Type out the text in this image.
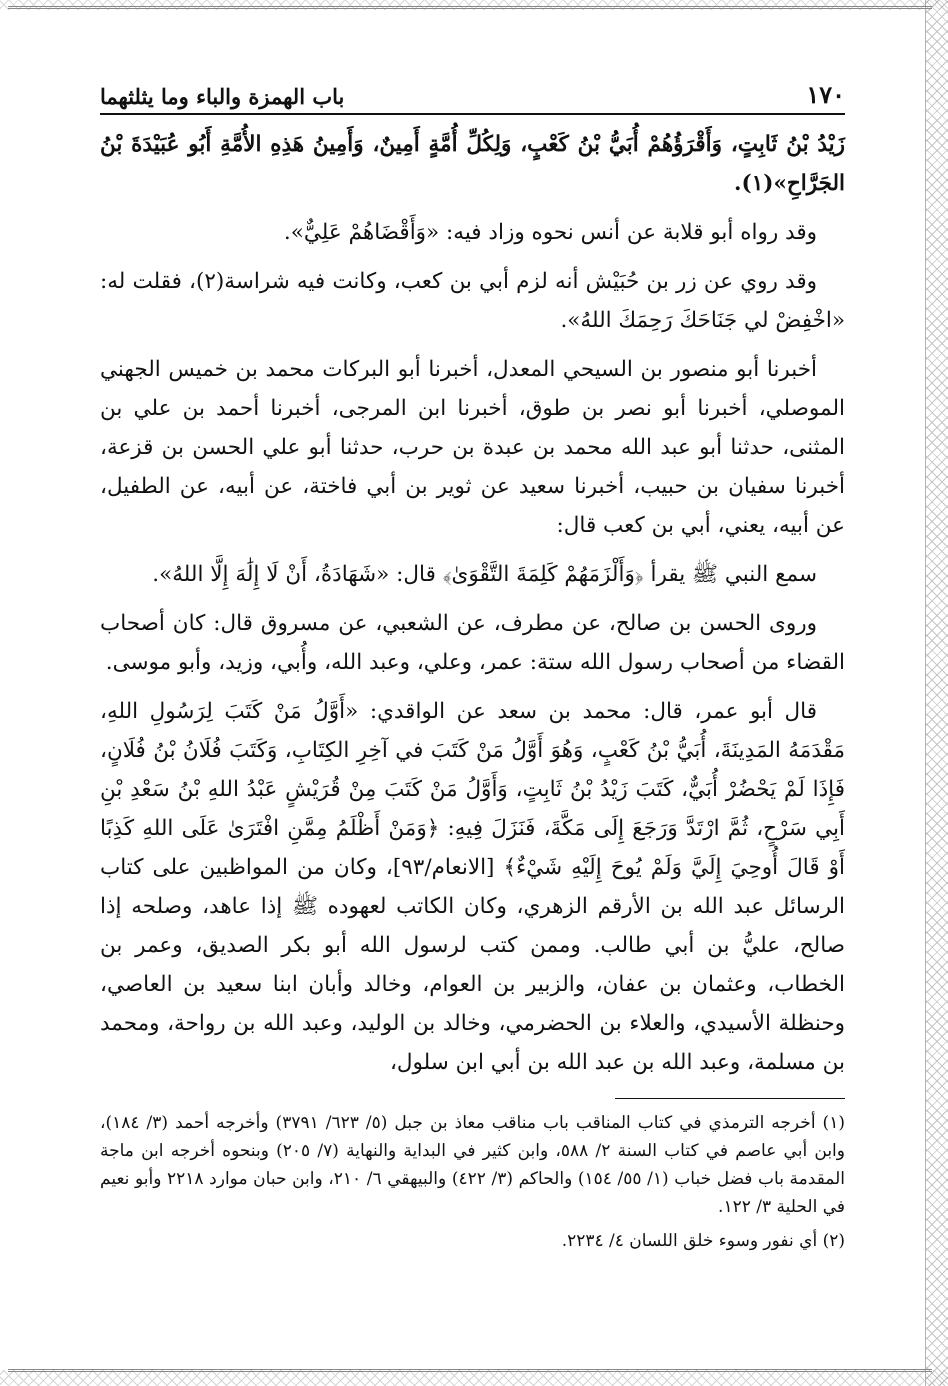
١٧٠
باب الهمزة والباء وما يثلثهما

زَيْدُ بْنُ ثَابِتٍ، وَأَقْرَؤُهُمْ أُبَيُّ بْنُ كَعْبٍ، وَلِكُلِّ أُمَّةٍ أَمِينٌ، وَأَمِينُ هَذِهِ الأُمَّةِ أَبُو عُبَيْدَةَ بْنُ الجَرَّاحِ»(١).

وقد رواه أبو قلابة عن أنس نحوه وزاد فيه: «وَأَقْضَاهُمْ عَلِيٌّ».

وقد روي عن زر بن حُبَيْش أنه لزم أبي بن كعب، وكانت فيه شراسة(٢)، فقلت له: «اخْفِضْ لي جَنَاحَكَ رَحِمَكَ اللهُ».

أخبرنا أبو منصور بن السيحي المعدل، أخبرنا أبو البركات محمد بن خميس الجهني الموصلي، أخبرنا أبو نصر بن طوق، أخبرنا ابن المرجى، أخبرنا أحمد بن علي بن المثنى، حدثنا أبو عبد الله محمد بن عبدة بن حرب، حدثنا أبو علي الحسن بن قزعة، أخبرنا سفيان بن حبيب، أخبرنا سعيد عن ثوير بن أبي فاختة، عن أبيه، عن الطفيل، عن أبيه، يعني، أبي بن كعب قال:

سمع النبي ﷺ يقرأ ﴿وَأَلْزَمَهُمْ كَلِمَةَ التَّقْوَىٰ﴾ قال: «شَهَادَةُ، أَنْ لَا إِلَٰهَ إِلَّا اللهُ».

وروى الحسن بن صالح، عن مطرف، عن الشعبي، عن مسروق قال: كان أصحاب القضاء من أصحاب رسول الله ستة: عمر، وعلي، وعبد الله، وأُبي، وزيد، وأبو موسى.

قال أبو عمر، قال: محمد بن سعد عن الواقدي: «أَوَّلُ مَنْ كَتَبَ لِرَسُولِ اللهِ، مَقْدَمَهُ المَدِينَةَ، أُبَيُّ بْنُ كَعْبٍ، وَهُوَ أَوَّلُ مَنْ كَتَبَ في آخِرِ الكِتَابِ، وَكَتَبَ فُلَانُ بْنُ فُلَانٍ، فَإِذَا لَمْ يَحْضُرْ أُبَيٌّ، كَتَبَ زَيْدُ بْنُ ثَابِتٍ، وَأَوَّلُ مَنْ كَتَبَ مِنْ قُرَيْشٍ عَبْدُ اللهِ بْنُ سَعْدِ بْنِ أَبِي سَرْحٍ، ثُمَّ ارْتَدَّ وَرَجَعَ إِلَى مَكَّةَ، فَنَزَلَ فِيهِ: ﴿وَمَنْ أَظْلَمُ مِمَّنِ افْتَرَىٰ عَلَى اللهِ كَذِبًا أَوْ قَالَ أُوحِيَ إِلَيَّ وَلَمْ يُوحَ إِلَيْهِ شَيْءٌ﴾ [الانعام/٩٣]، وكان من المواظبين على كتاب الرسائل عبد الله بن الأرقم الزهري، وكان الكاتب لعهوده ﷺ إذا عاهد، وصلحه إذا صالح، عليُّ بن أبي طالب. وممن كتب لرسول الله أبو بكر الصديق، وعمر بن الخطاب، وعثمان بن عفان، والزبير بن العوام، وخالد وأبان ابنا سعيد بن العاصي، وحنظلة الأسيدي، والعلاء بن الحضرمي، وخالد بن الوليد، وعبد الله بن رواحة، ومحمد بن مسلمة، وعبد الله بن عبد الله بن أبي ابن سلول،

(١) أخرجه الترمذي في كتاب المناقب باب مناقب معاذ بن جبل (٥/ ٦٢٣/ ٣٧٩١) وأخرجه أحمد (٣/ ١٨٤)، وابن أبي عاصم في كتاب السنة ٢/ ٥٨٨، وابن كثير في البداية والنهاية (٧/ ٢٠٥) وبنحوه أخرجه ابن ماجة المقدمة باب فضل خباب (١/ ٥٥/ ١٥٤) والحاكم (٣/ ٤٢٢) والبيهقي ٦/ ٢١٠، وابن حبان موارد ٢٢١٨ وأبو نعيم في الحلية ٣/ ١٢٢.

(٢) أي نفور وسوء خلق اللسان ٤/ ٢٢٣٤.
